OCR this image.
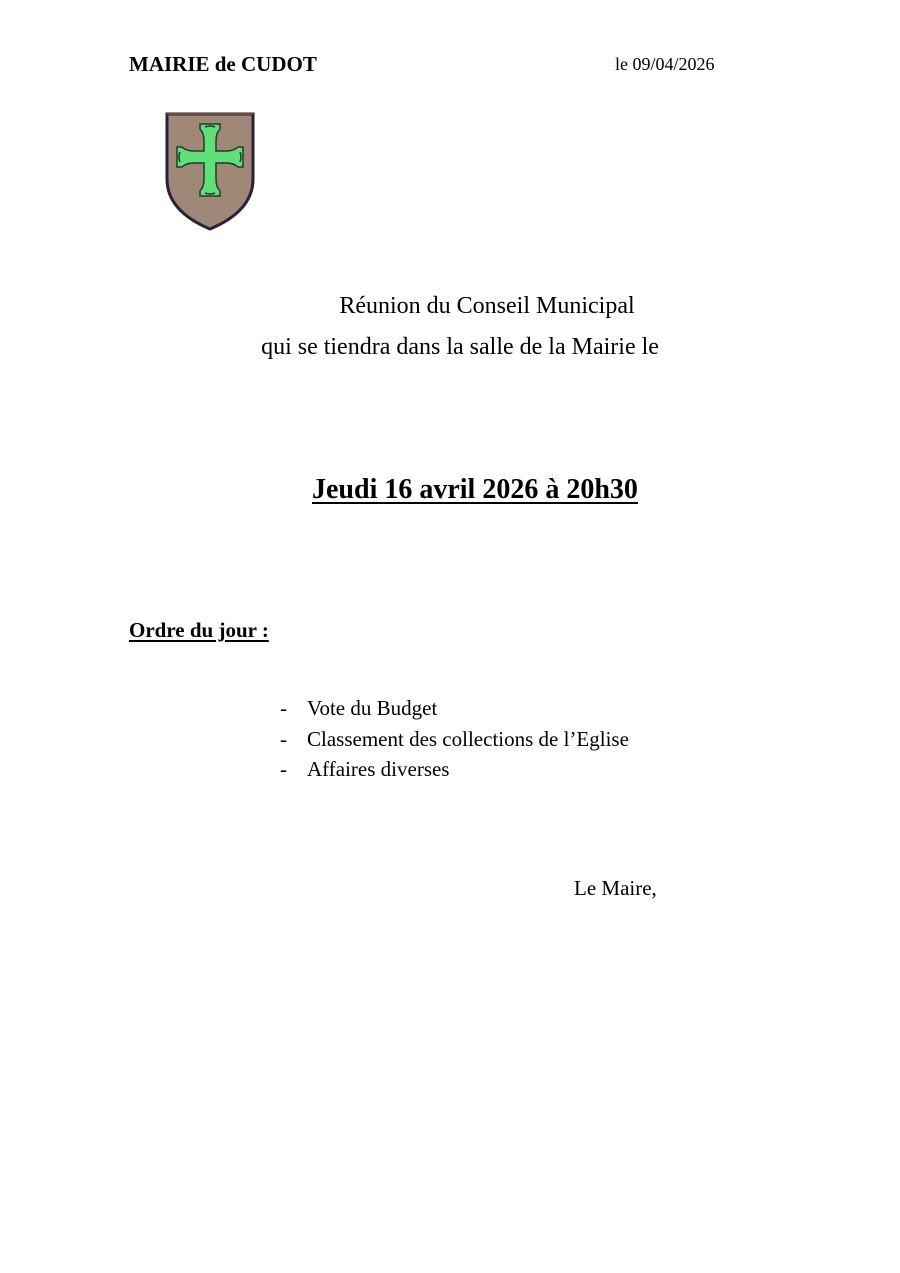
MAIRIE de CUDOT	le 09/04/2026
Réunion du Conseil Municipal
qui se tiendra dans la salle de la Mairie le
Jeudi 16 avril 2026 à 20h30
Ordre du jour :
- Vote du Budget
- Classement des collections de l’Eglise
- Affaires diverses
Le Maire,
